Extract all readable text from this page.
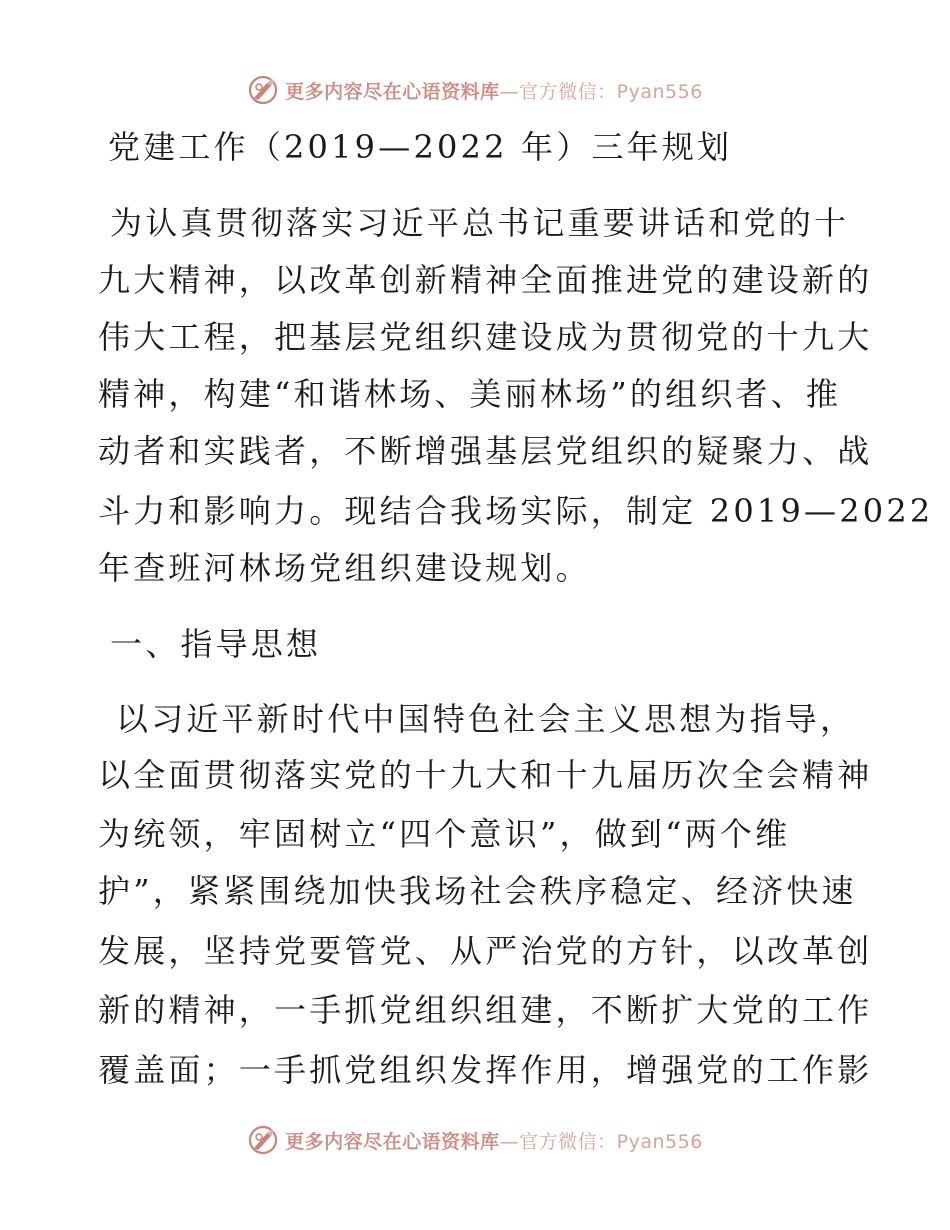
更多内容尽在心语资料库—官方微信：Pyan556
党建工作（2019—2022 年）三年规划
为认真贯彻落实习近平总书记重要讲话和党的十
九大精神，以改革创新精神全面推进党的建设新的
伟大工程，把基层党组织建设成为贯彻党的十九大
精神，构建“和谐林场、美丽林场”的组织者、推
动者和实践者，不断增强基层党组织的疑聚力、战
斗力和影响力。现结合我场实际，制定 2019—2022
年查班河林场党组织建设规划。
一、指导思想
以习近平新时代中国特色社会主义思想为指导，
以全面贯彻落实党的十九大和十九届历次全会精神
为统领，牢固树立“四个意识”，做到“两个维
护”，紧紧围绕加快我场社会秩序稳定、经济快速
发展，坚持党要管党、从严治党的方针，以改革创
新的精神，一手抓党组织组建，不断扩大党的工作
覆盖面；一手抓党组织发挥作用，增强党的工作影
更多内容尽在心语资料库—官方微信：Pyan556
